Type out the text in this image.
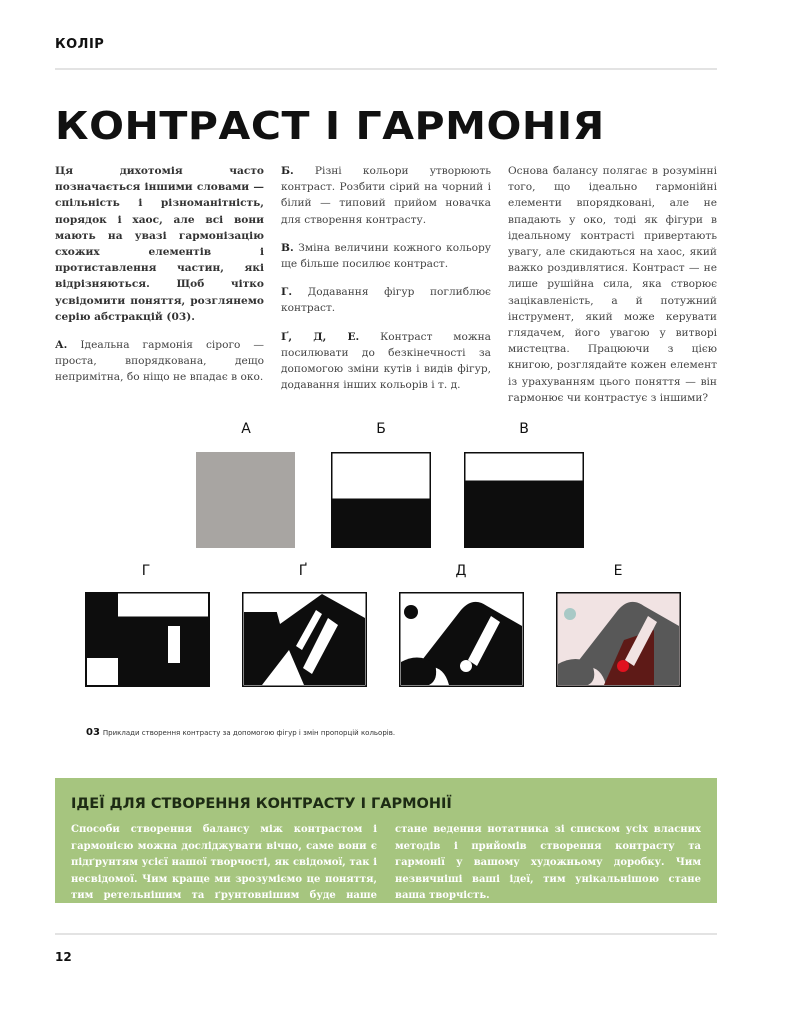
КОЛІР
КОНТРАСТ І ГАРМОНІЯ

Ця дихотомія часто позначається іншими словами — спільність і різноманітність, порядок і хаос, але всі вони мають на увазі гармонізацію схожих елементів і протиставлення частин, які відрізняються. Щоб чітко усвідомити поняття, розглянемо серію абстракцій (03).

А. Ідеальна гармонія сірого — проста, впорядкована, дещо непримітна, бо ніщо не впадає в око.

Б. Різні кольори утворюють контраст. Розбити сірий на чорний і білий — типовий прийом новачка для створення контрасту.

В. Зміна величини кожного кольору ще більше посилює контраст.

Г. Додавання фігур поглиблює контраст.

Ґ, Д, Е. Контраст можна посилювати до безкінечності за допомогою зміни кутів і видів фігур, додавання інших кольорів і т. д.

Основа балансу полягає в розумінні того, що ідеально гармонійні елементи впорядковані, але не впадають у око, тоді як фігури в ідеальному контрасті привертають увагу, але скидаються на хаос, який важко роздивлятися. Контраст — не лише рушійна сила, яка створює зацікавленість, а й потужний інструмент, який може керувати глядачем, його увагою у витворі мистецтва. Працюючи з цією книгою, розглядайте кожен елемент із урахуванням цього поняття — він гармонює чи контрастує з іншими?

А	Б	В
Г	Ґ	Д	Е
03 Приклади створення контрасту за допомогою фігур і змін пропорцій кольорів.
ІДЕЇ ДЛЯ СТВОРЕННЯ КОНТРАСТУ І ГАРМОНІЇ
Способи створення балансу між контрастом і гармонією можна досліджувати вічно, саме вони є підґрунтям усієї нашої творчості, як свідомої, так і несвідомої. Чим краще ми зрозуміємо це поняття, тим ретельнішим та ґрунтовнішим буде наше дослідження. Чудовою звичкою
стане ведення нотатника зі списком усіх власних методів і прийомів створення контрасту та гармонії у вашому художньому доробку. Чим незвичніші ваші ідеї, тим унікальнішою стане ваша творчість.
12
